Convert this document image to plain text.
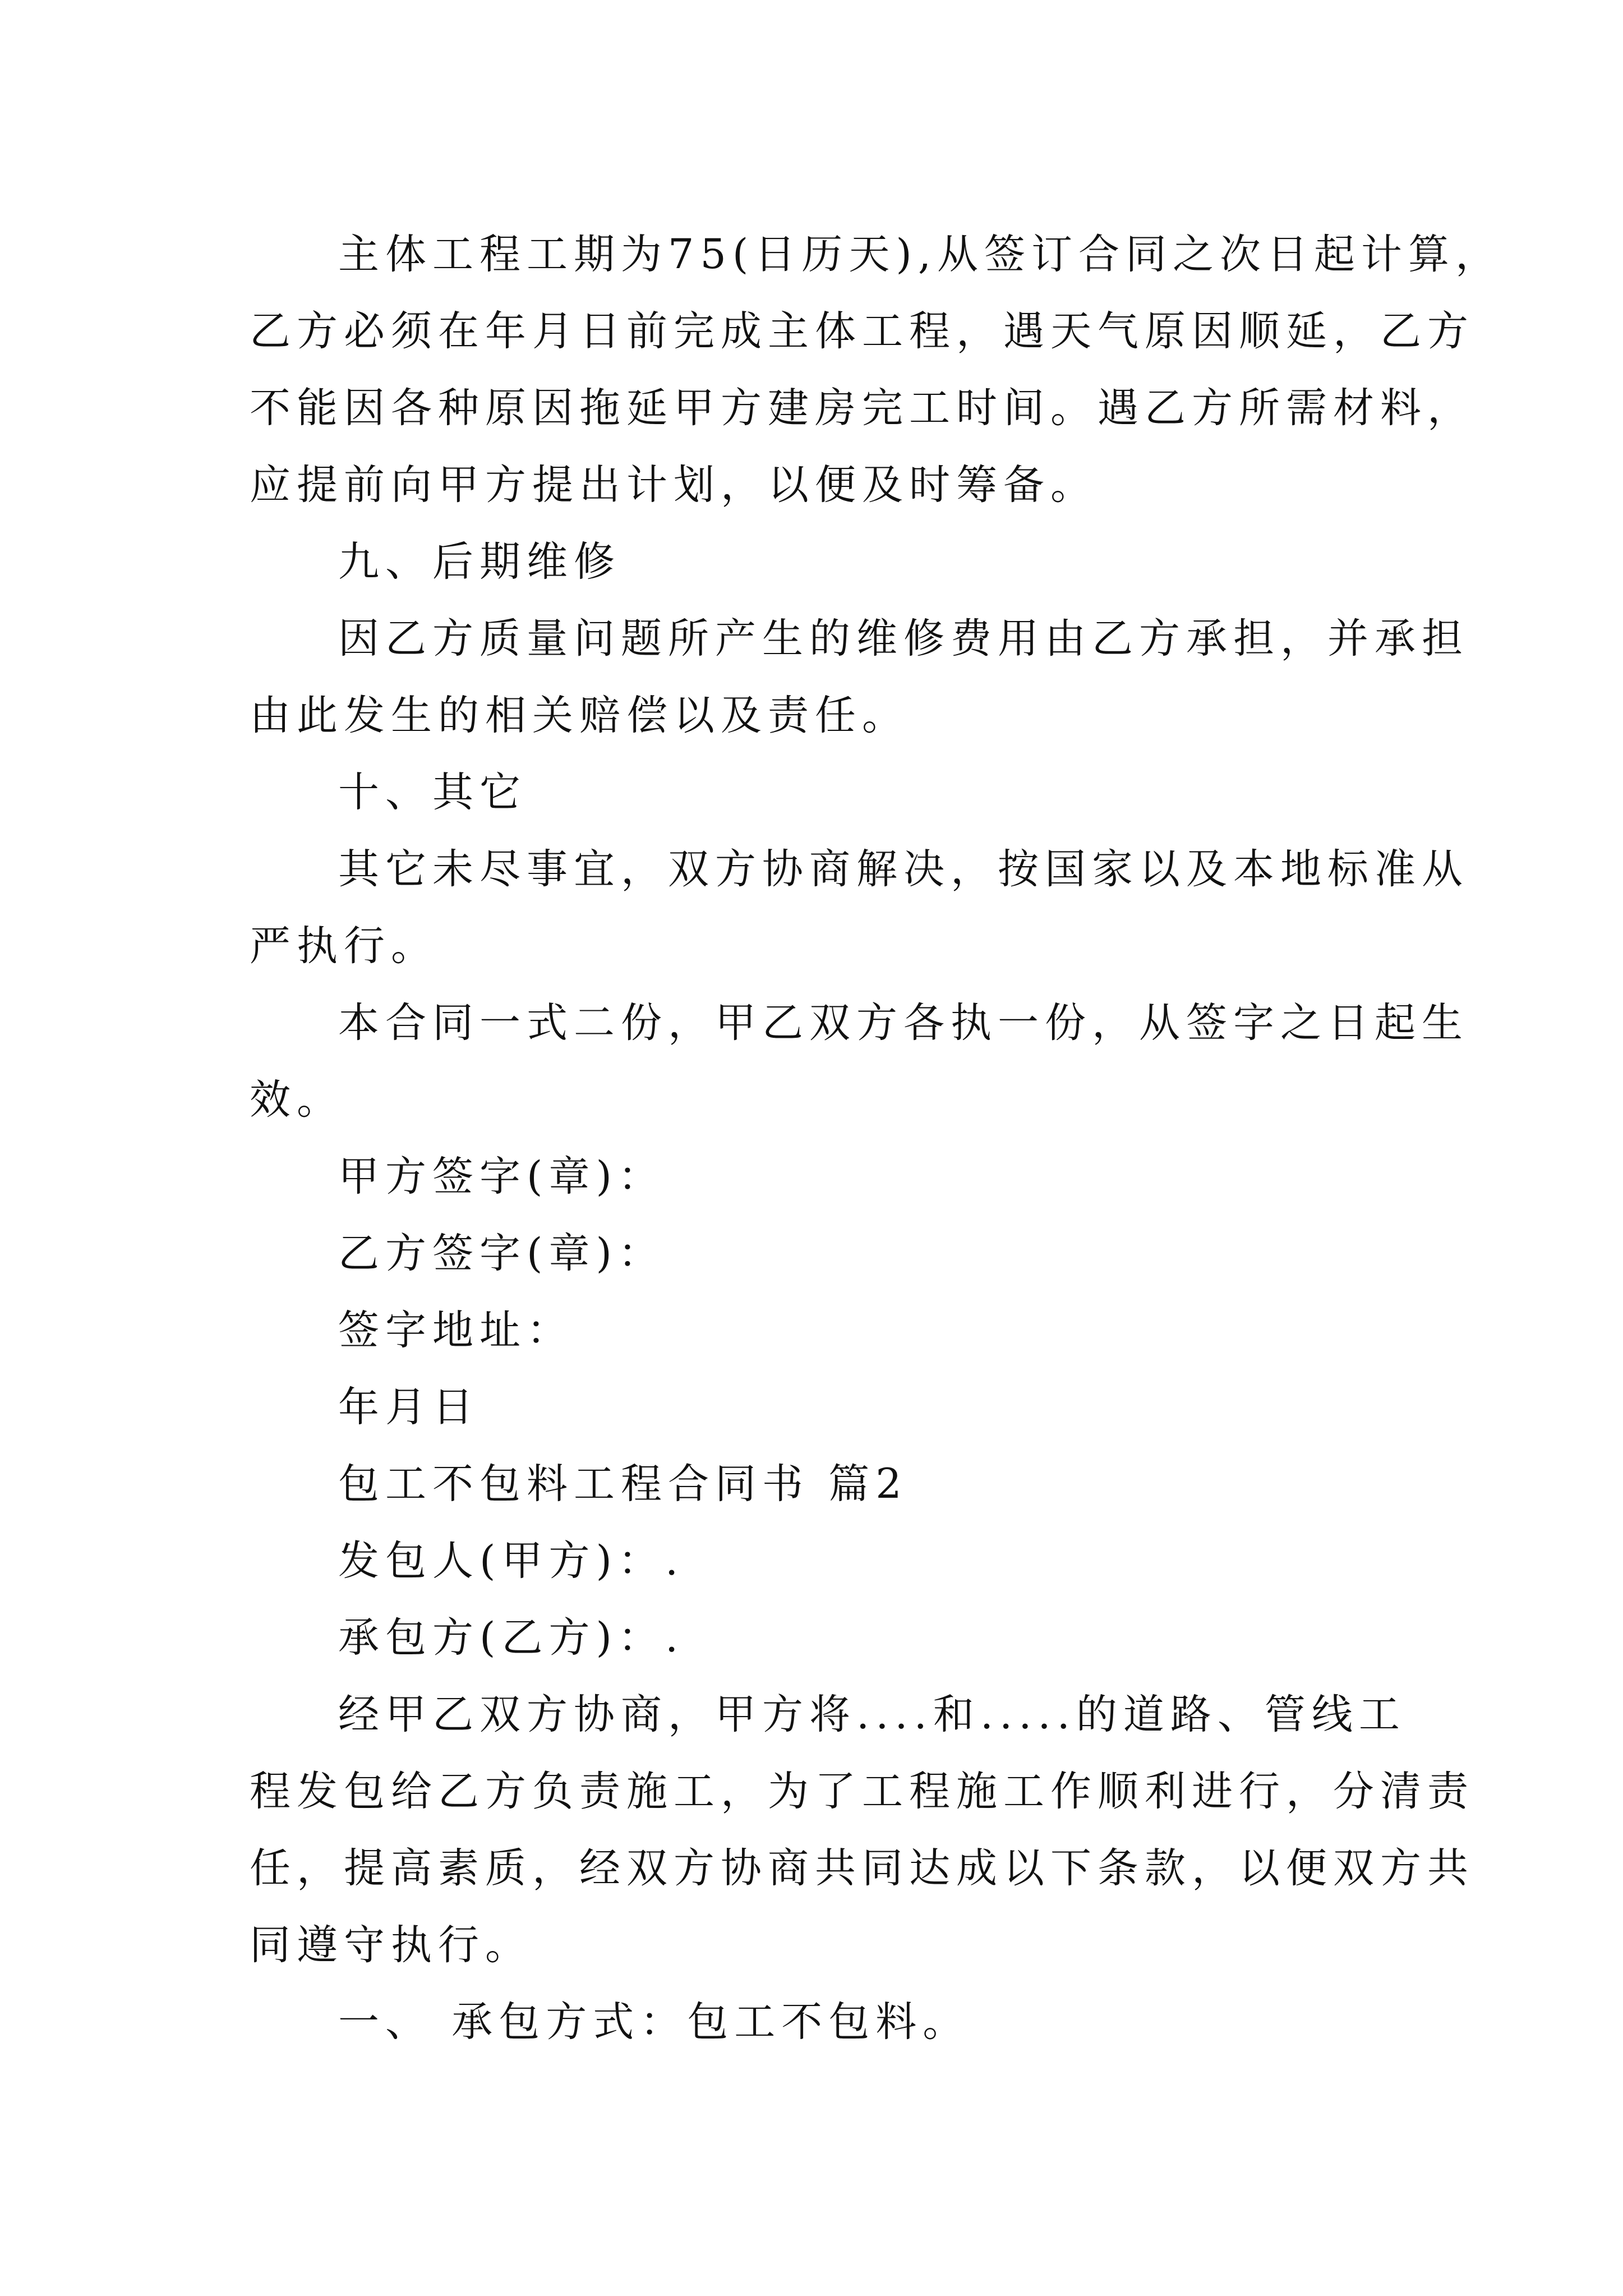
主体工程工期为75(日历天),从签订合同之次日起计算，
乙方必须在年月日前完成主体工程，遇天气原因顺延，乙方
不能因各种原因拖延甲方建房完工时间。遇乙方所需材料，
应提前向甲方提出计划，以便及时筹备。
九、后期维修
因乙方质量问题所产生的维修费用由乙方承担，并承担
由此发生的相关赔偿以及责任。
十、其它
其它未尽事宜，双方协商解决，按国家以及本地标准从
严执行。
本合同一式二份，甲乙双方各执一份，从签字之日起生
效。
甲方签字(章)：
乙方签字(章)：
签字地址：
年月日
包工不包料工程合同书 篇2
发包人(甲方)：.
承包方(乙方)：.
经甲乙双方协商，甲方将....和.....的道路、管线工
程发包给乙方负责施工，为了工程施工作顺利进行，分清责
任，提高素质，经双方协商共同达成以下条款，以便双方共
同遵守执行。
一、 承包方式：包工不包料。
